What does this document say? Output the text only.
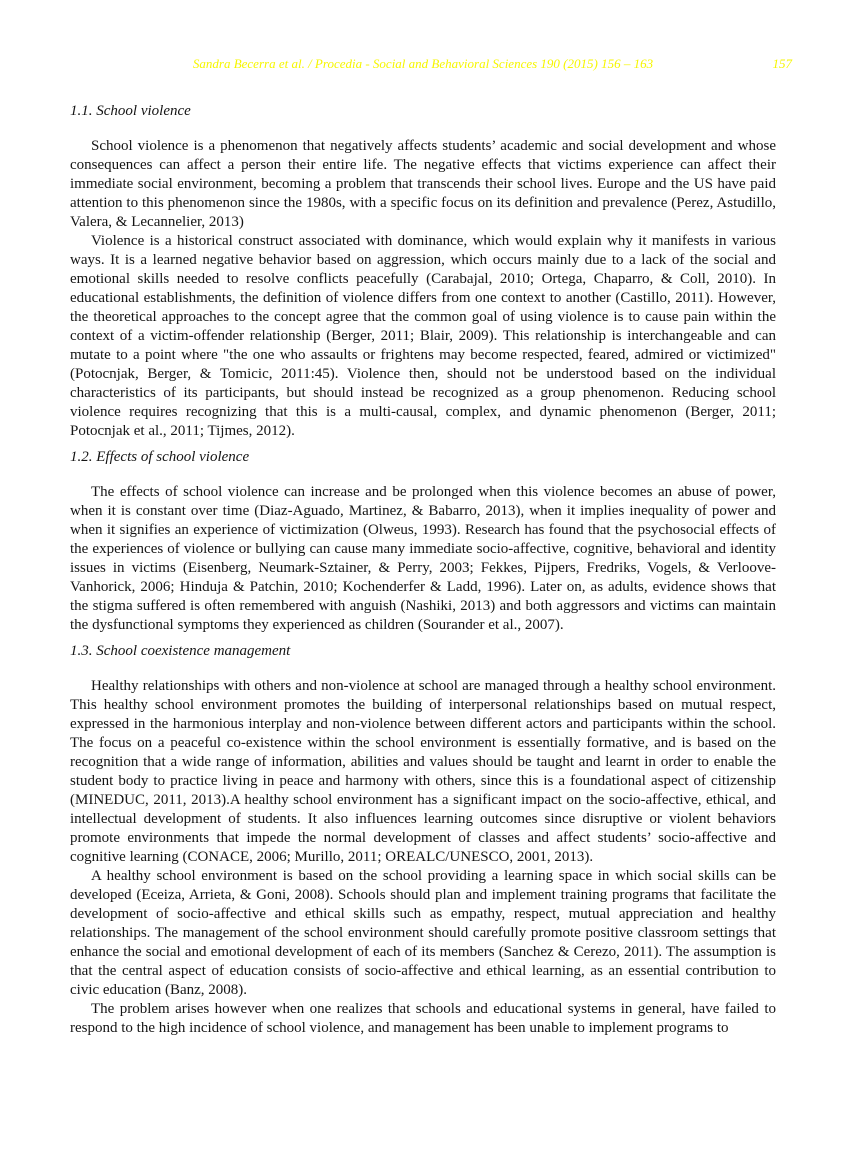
Sandra Becerra et al. / Procedia - Social and Behavioral Sciences 190 (2015) 156 – 163	157
1.1. School violence

School violence is a phenomenon that negatively affects students’ academic and social development and whose consequences can affect a person their entire life. The negative effects that victims experience can affect their immediate social environment, becoming a problem that transcends their school lives. Europe and the US have paid attention to this phenomenon since the 1980s, with a specific focus on its definition and prevalence (Perez, Astudillo, Valera, & Lecannelier, 2013)

Violence is a historical construct associated with dominance, which would explain why it manifests in various ways. It is a learned negative behavior based on aggression, which occurs mainly due to a lack of the social and emotional skills needed to resolve conflicts peacefully (Carabajal, 2010; Ortega, Chaparro, & Coll, 2010). In educational establishments, the definition of violence differs from one context to another (Castillo, 2011). However, the theoretical approaches to the concept agree that the common goal of using violence is to cause pain within the context of a victim-offender relationship (Berger, 2011; Blair, 2009). This relationship is interchangeable and can mutate to a point where "the one who assaults or frightens may become respected, feared, admired or victimized" (Potocnjak, Berger, & Tomicic, 2011:45). Violence then, should not be understood based on the individual characteristics of its participants, but should instead be recognized as a group phenomenon. Reducing school violence requires recognizing that this is a multi-causal, complex, and dynamic phenomenon (Berger, 2011; Potocnjak et al., 2011; Tijmes, 2012).

1.2. Effects of school violence

The effects of school violence can increase and be prolonged when this violence becomes an abuse of power, when it is constant over time (Diaz-Aguado, Martinez, & Babarro, 2013), when it implies inequality of power and when it signifies an experience of victimization (Olweus, 1993). Research has found that the psychosocial effects of the experiences of violence or bullying can cause many immediate socio-affective, cognitive, behavioral and identity issues in victims (Eisenberg, Neumark-Sztainer, & Perry, 2003; Fekkes, Pijpers, Fredriks, Vogels, & Verloove-Vanhorick, 2006; Hinduja & Patchin, 2010; Kochenderfer & Ladd, 1996). Later on, as adults, evidence shows that the stigma suffered is often remembered with anguish (Nashiki, 2013) and both aggressors and victims can maintain the dysfunctional symptoms they experienced as children (Sourander et al., 2007).

1.3. School coexistence management

Healthy relationships with others and non-violence at school are managed through a healthy school environment. This healthy school environment promotes the building of interpersonal relationships based on mutual respect, expressed in the harmonious interplay and non-violence between different actors and participants within the school. The focus on a peaceful co-existence within the school environment is essentially formative, and is based on the recognition that a wide range of information, abilities and values should be taught and learnt in order to enable the student body to practice living in peace and harmony with others, since this is a foundational aspect of citizenship (MINEDUC, 2011, 2013).A healthy school environment has a significant impact on the socio-affective, ethical, and intellectual development of students. It also influences learning outcomes since disruptive or violent behaviors promote environments that impede the normal development of classes and affect students’ socio-affective and cognitive learning (CONACE, 2006; Murillo, 2011; OREALC/UNESCO, 2001, 2013).

A healthy school environment is based on the school providing a learning space in which social skills can be developed (Eceiza, Arrieta, & Goni, 2008). Schools should plan and implement training programs that facilitate the development of socio-affective and ethical skills such as empathy, respect, mutual appreciation and healthy relationships. The management of the school environment should carefully promote positive classroom settings that enhance the social and emotional development of each of its members (Sanchez & Cerezo, 2011). The assumption is that the central aspect of education consists of socio-affective and ethical learning, as an essential contribution to civic education (Banz, 2008).

The problem arises however when one realizes that schools and educational systems in general, have failed to respond to the high incidence of school violence, and management has been unable to implement programs to
